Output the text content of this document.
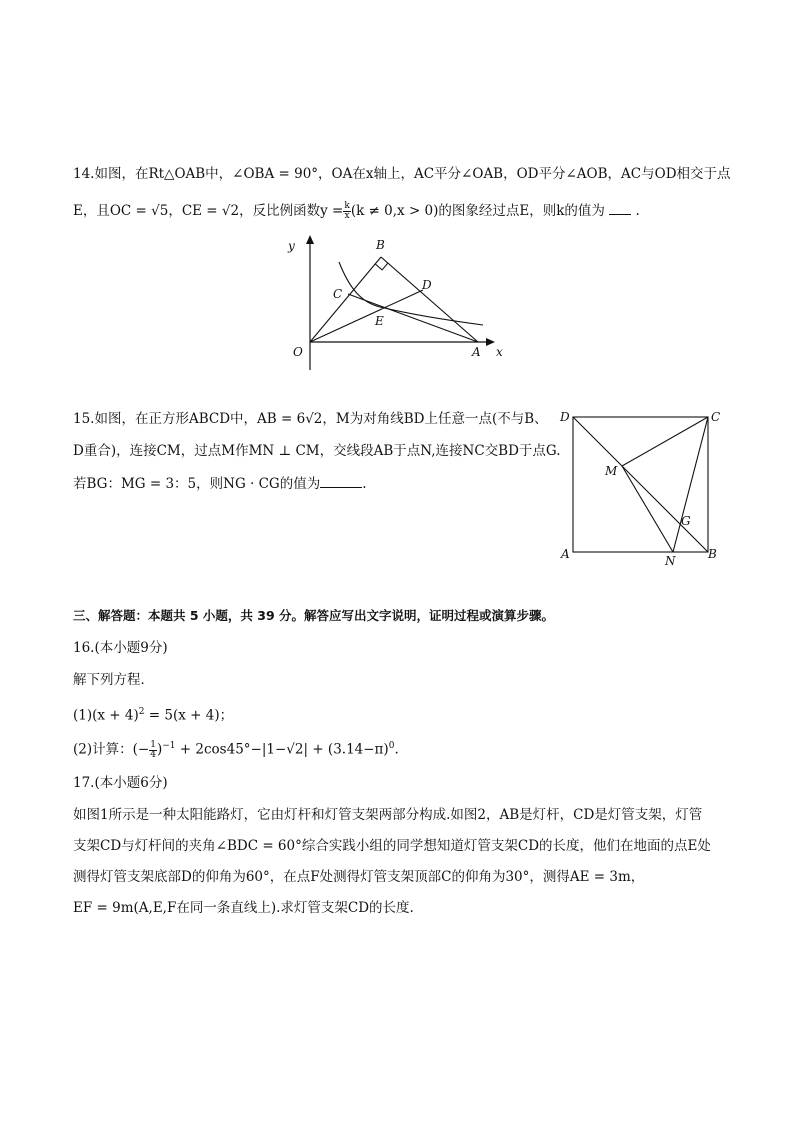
14.如图，在Rt△OAB中，∠OBA = 90°，OA在x轴上，AC平分∠OAB，OD平分∠AOB，AC与OD相交于点
E，且OC = √5，CE = √2，反比例函数$y = \frac{k}{x} (k \ne 0,x > 0)$的图象经过点E，则k的值为 .
y	B
C
D
E
O	A x
15.如图，在正方形ABCD中，AB = 6√2，M为对角线BD上任意一点(不与B、
D重合)，连接CM，过点M作MN ⊥ CM，交线段AB于点N,连接NC交BD于点G.
若BG：MG = 3：5，则NG · CG的值为	.
D	C
M
G
A	N	B
三、解答题：本题共 5 小题，共 39 分。解答应写出文字说明，证明过程或演算步骤。
16.(本小题9分)
解下列方程．
$(1)(x + 4)^2 = 5(x + 4)$；
(2)计算：(− $\frac{1}{4} )^{-1} + 2\cos 45^\circ-|1-√2| + (3.14-\pi)^0$.
17.(本小题6分)
如图1所示是一种太阳能路灯，它由灯杆和灯管支架两部分构成.如图2，AB是灯杆，CD是灯管支架，灯管
支架CD与灯杆间的夹角∠BDC = 60°综合实践小组的同学想知道灯管支架CD的长度，他们在地面的点E处
测得灯管支架底部D的仰角为60°，在点F处测得灯管支架顶部C的仰角为30°，测得AE = 3m，
EF = 9m(A,E,F在同一条直线上).求灯管支架CD的长度.
